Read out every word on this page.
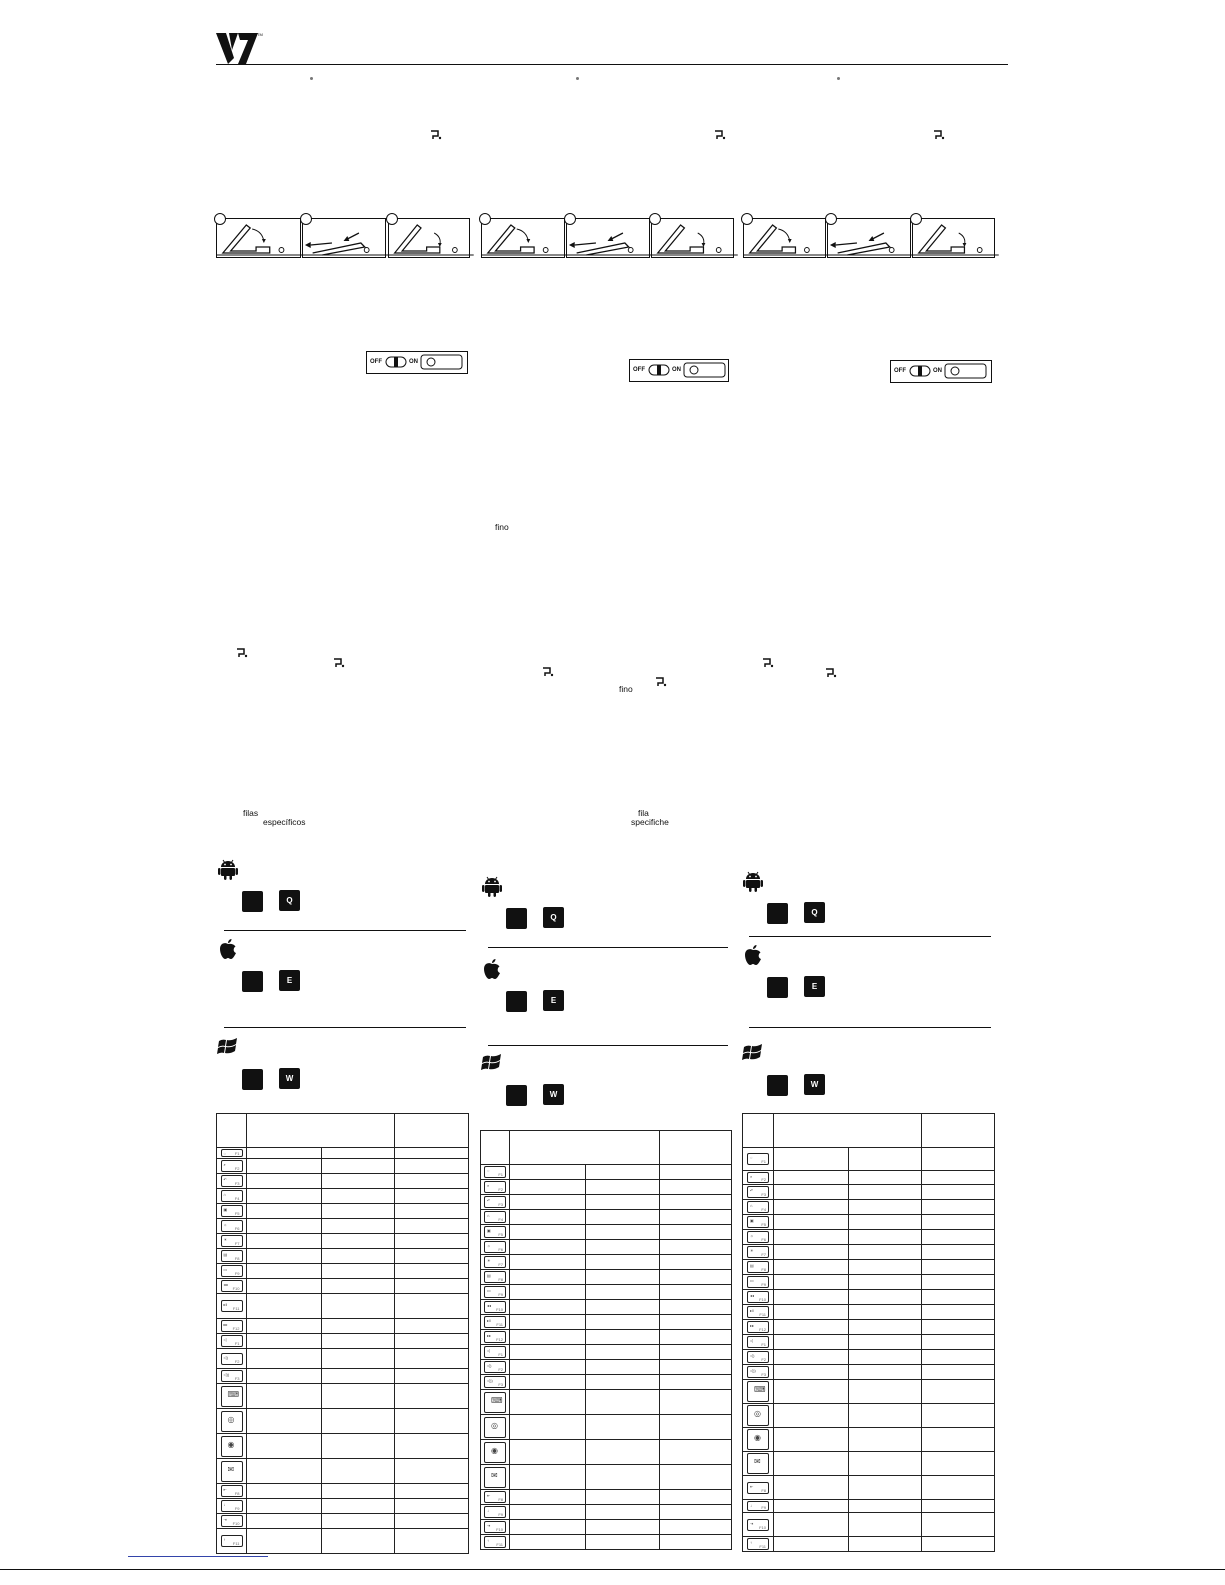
TM
OFF	ON
OFF	ON	OFF	ON
fino
fino
filas
específicos
fila
specifiche
Q
E
W
Q
E
W
Q
E
W

◌ F1			

⌕
F2			

↶
F3			

⌂
F4			

▣
F5			

☼
F6			

☀
F7			

▤
F8			

▭
F9			

◂◂
F10			

▸‖
F11			

▸▸
F12			

◁
F1			

◁)
F2			

◁))
F3			

⌨			

◎			

◉			

✉			

⇤
F8			

↓
F9			

⇥
F10			

↑
F11			

◌
F1			

⌕
F2			

↶
F3			

⌂
F4			

▣
F5			

☼
F6			

☀
F7			

▤
F8			

▭
F9			

◂◂
F10			

▸‖
F11			

▸▸
F12			

◁
F1			

◁)
F2			

◁))
F3			

⌨			

◎			

◉			

✉			

⇤
F8			

↓
F9			

⇥
F10			

↑
F11			

◌
F1			

⌕
F2			

↶
F3			

⌂
F4			

▣
F5			

☼
F6			

☀
F7			

▤
F8			

▭
F9			

◂◂
F10			

▸‖
F11			

▸▸
F12			

◁
F1			

◁)
F2			

◁))
F3			

⌨			

◎			

◉			

✉			

⇤
F8			

↓ F9			

⇥
F10			

↑
F11			
